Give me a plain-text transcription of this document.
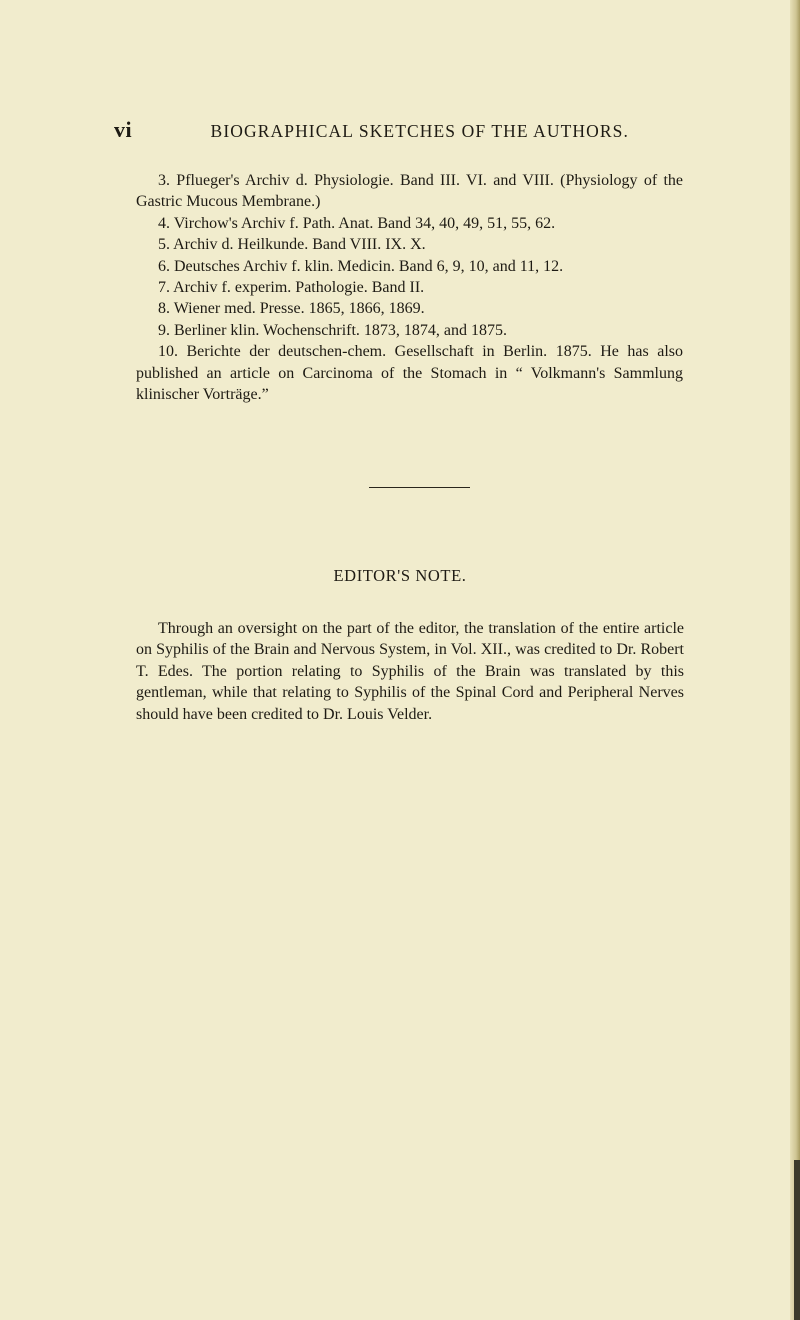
vi	BIOGRAPHICAL SKETCHES OF THE AUTHORS.

3. Pflueger's Archiv d. Physiologie. Band III. VI. and VIII. (Physiology of the Gastric Mucous Membrane.)

4. Virchow's Archiv f. Path. Anat. Band 34, 40, 49, 51, 55, 62.

5. Archiv d. Heilkunde. Band VIII. IX. X.

6. Deutsches Archiv f. klin. Medicin. Band 6, 9, 10, and 11, 12.

7. Archiv f. experim. Pathologie. Band II.

8. Wiener med. Presse. 1865, 1866, 1869.

9. Berliner klin. Wochenschrift. 1873, 1874, and 1875.

10. Berichte der deutschen-chem. Gesellschaft in Berlin. 1875. He has also published an article on Carcinoma of the Stomach in “ Volkmann's Sammlung klinischer Vorträge.”

EDITOR'S NOTE.

Through an oversight on the part of the editor, the translation of the entire article on Syphilis of the Brain and Nervous System, in Vol. XII., was credited to Dr. Robert T. Edes. The portion relating to Syphilis of the Brain was translated by this gentleman, while that relating to Syphilis of the Spinal Cord and Peripheral Nerves should have been credited to Dr. Louis Velder.
